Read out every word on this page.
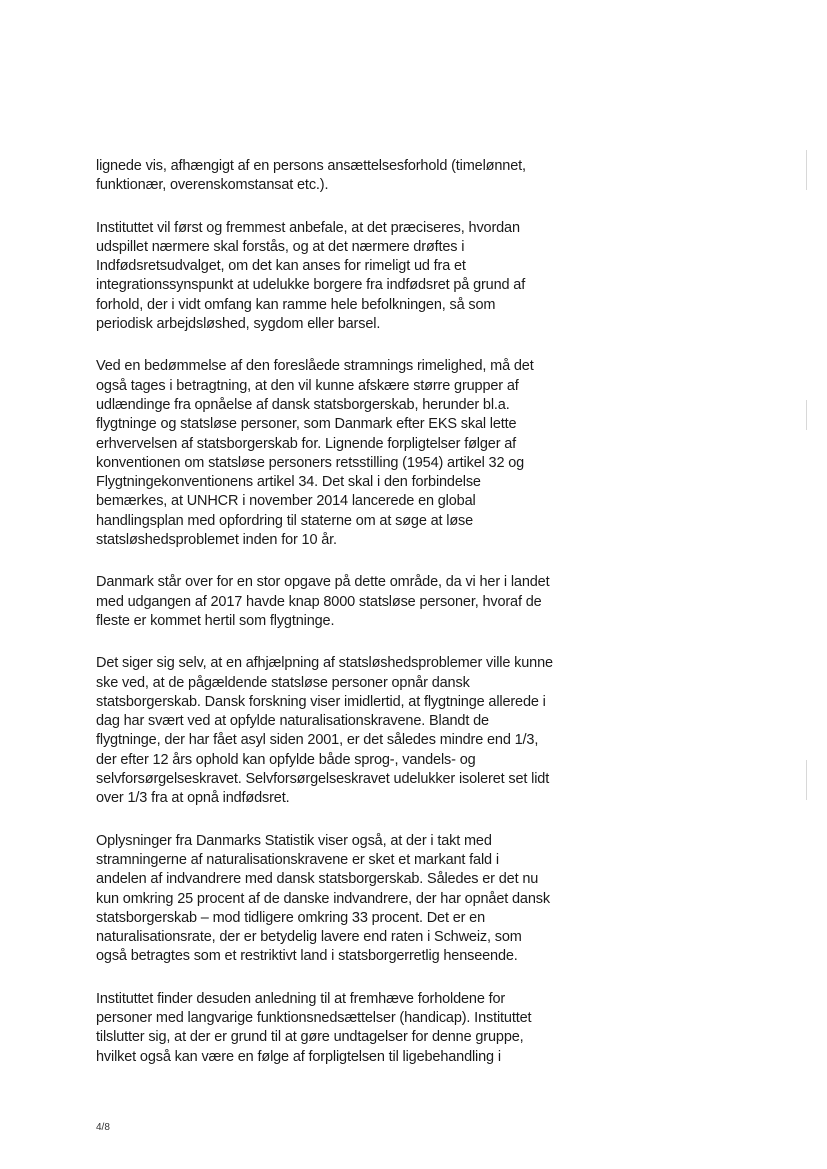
lignede vis, afhængigt af en persons ansættelsesforhold (timelønnet,
funktionær, overenskomstansat etc.).

Instituttet vil først og fremmest anbefale, at det præciseres, hvordan
udspillet nærmere skal forstås, og at det nærmere drøftes i
Indfødsretsudvalget, om det kan anses for rimeligt ud fra et
integrationssynspunkt at udelukke borgere fra indfødsret på grund af
forhold, der i vidt omfang kan ramme hele befolkningen, så som
periodisk arbejdsløshed, sygdom eller barsel.

Ved en bedømmelse af den foreslåede stramnings rimelighed, må det
også tages i betragtning, at den vil kunne afskære større grupper af
udlændinge fra opnåelse af dansk statsborgerskab, herunder bl.a.
flygtninge og statsløse personer, som Danmark efter EKS skal lette
erhvervelsen af statsborgerskab for. Lignende forpligtelser følger af
konventionen om statsløse personers retsstilling (1954) artikel 32 og
Flygtningekonventionens artikel 34. Det skal i den forbindelse
bemærkes, at UNHCR i november 2014 lancerede en global
handlingsplan med opfordring til staterne om at søge at løse
statsløshedsproblemet inden for 10 år.

Danmark står over for en stor opgave på dette område, da vi her i landet
med udgangen af 2017 havde knap 8000 statsløse personer, hvoraf de
fleste er kommet hertil som flygtninge.

Det siger sig selv, at en afhjælpning af statsløshedsproblemer ville kunne
ske ved, at de pågældende statsløse personer opnår dansk
statsborgerskab. Dansk forskning viser imidlertid, at flygtninge allerede i
dag har svært ved at opfylde naturalisationskravene. Blandt de
flygtninge, der har fået asyl siden 2001, er det således mindre end 1/3,
der efter 12 års ophold kan opfylde både sprog-, vandels- og
selvforsørgelseskravet. Selvforsørgelseskravet udelukker isoleret set lidt
over 1/3 fra at opnå indfødsret.

Oplysninger fra Danmarks Statistik viser også, at der i takt med
stramningerne af naturalisationskravene er sket et markant fald i
andelen af indvandrere med dansk statsborgerskab. Således er det nu
kun omkring 25 procent af de danske indvandrere, der har opnået dansk
statsborgerskab – mod tidligere omkring 33 procent. Det er en
naturalisationsrate, der er betydelig lavere end raten i Schweiz, som
også betragtes som et restriktivt land i statsborgerretlig henseende.

Instituttet finder desuden anledning til at fremhæve forholdene for
personer med langvarige funktionsnedsættelser (handicap). Instituttet
tilslutter sig, at der er grund til at gøre undtagelser for denne gruppe,
hvilket også kan være en følge af forpligtelsen til ligebehandling i

4/8
